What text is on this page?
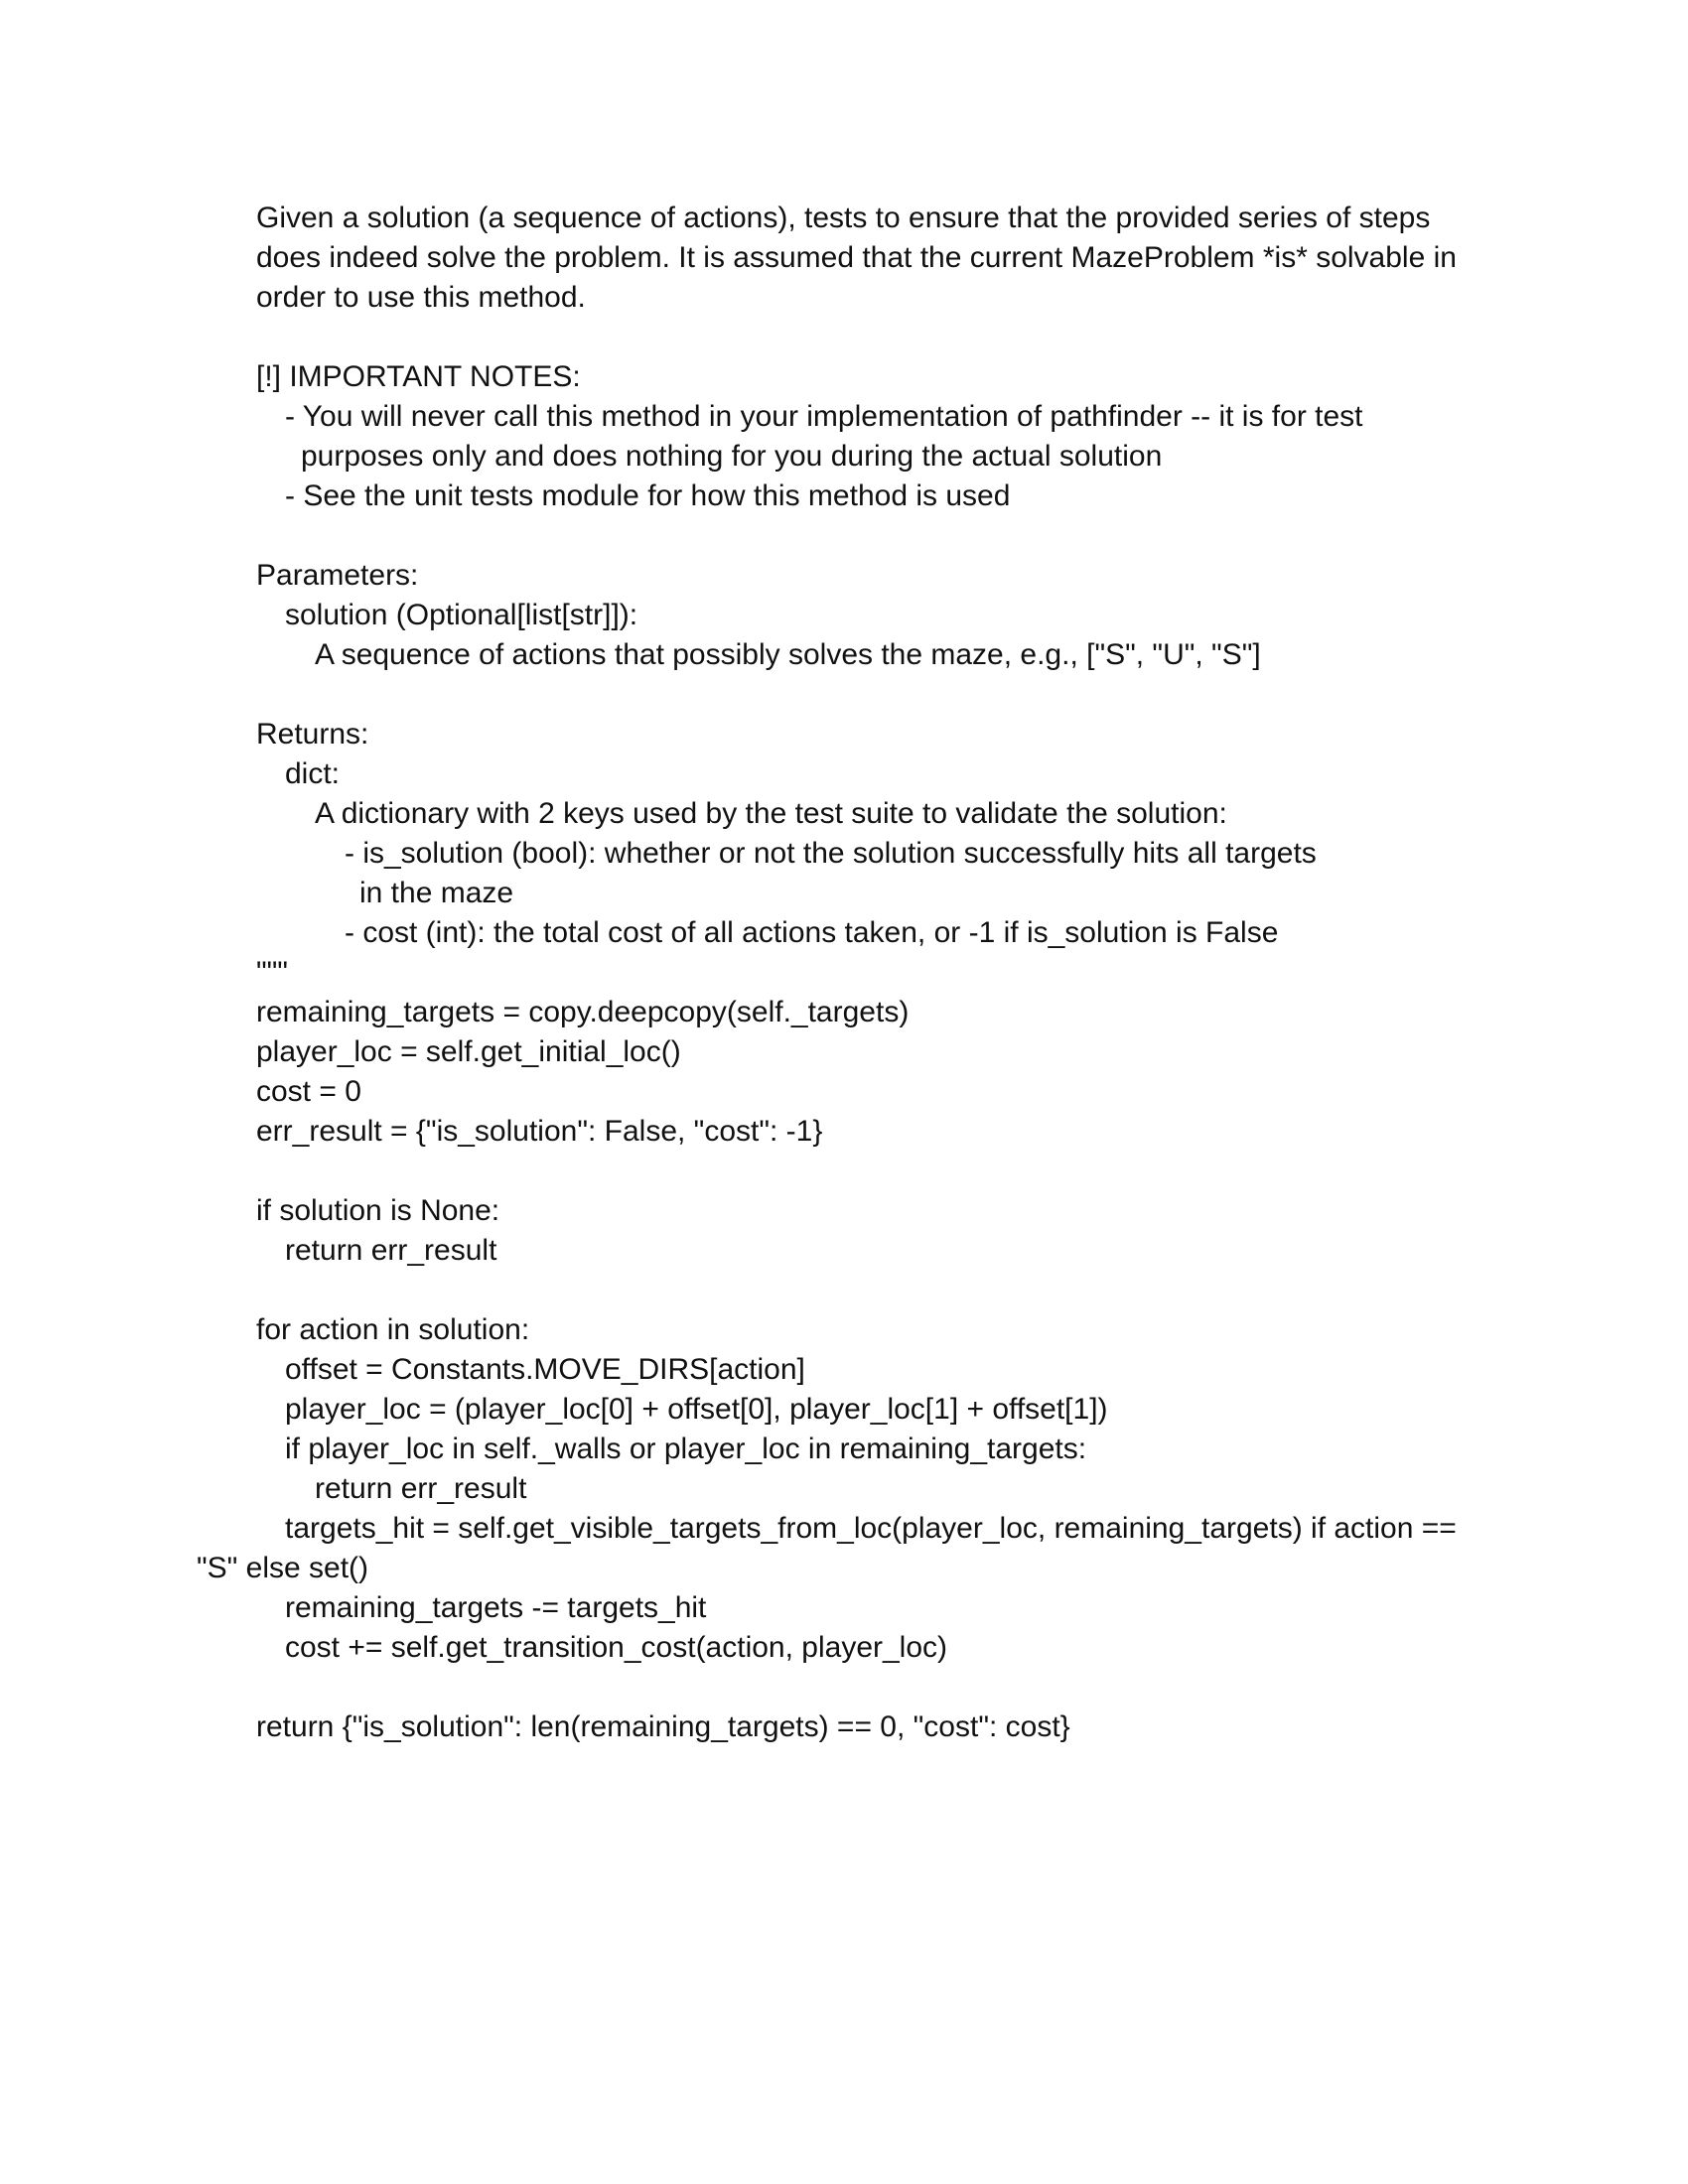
Given a solution (a sequence of actions), tests to ensure that the provided series of steps
does indeed solve the problem. It is assumed that the current MazeProblem *is* solvable in
order to use this method.
[!] IMPORTANT NOTES:
- You will never call this method in your implementation of pathfinder -- it is for test
purposes only and does nothing for you during the actual solution
- See the unit tests module for how this method is used
Parameters:
solution (Optional[list[str]]):
A sequence of actions that possibly solves the maze, e.g., ["S", "U", "S"]
Returns:
dict:
A dictionary with 2 keys used by the test suite to validate the solution:
- is_solution (bool): whether or not the solution successfully hits all targets
in the maze
- cost (int): the total cost of all actions taken, or -1 if is_solution is False
"""
remaining_targets = copy.deepcopy(self._targets)
player_loc = self.get_initial_loc()
cost = 0
err_result = {"is_solution": False, "cost": -1}
if solution is None:
return err_result
for action in solution:
offset = Constants.MOVE_DIRS[action]
player_loc = (player_loc[0] + offset[0], player_loc[1] + offset[1])
if player_loc in self._walls or player_loc in remaining_targets:
return err_result
targets_hit = self.get_visible_targets_from_loc(player_loc, remaining_targets) if action ==
"S" else set()
remaining_targets -= targets_hit
cost += self.get_transition_cost(action, player_loc)
return {"is_solution": len(remaining_targets) == 0, "cost": cost}
